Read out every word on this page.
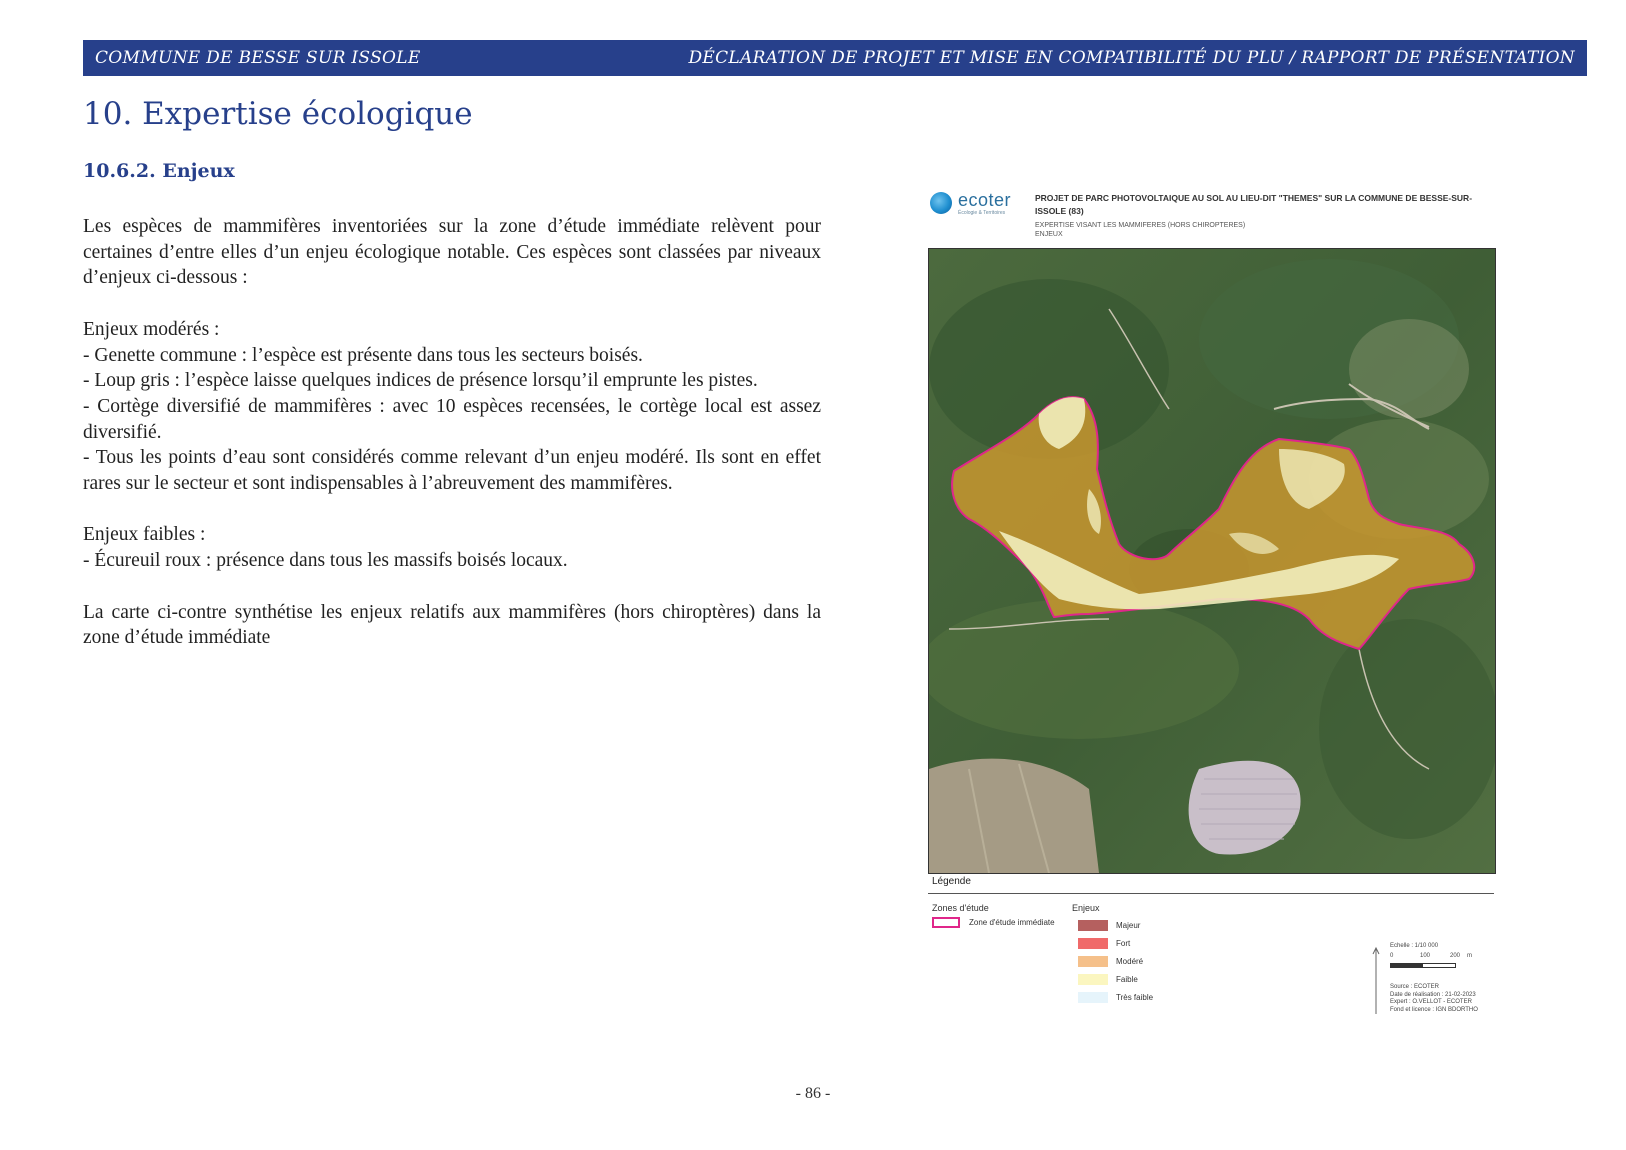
COMMUNE DE BESSE SUR ISSOLE	DÉCLARATION DE PROJET ET MISE EN COMPATIBILITÉ DU PLU / RAPPORT DE PRÉSENTATION
10. Expertise écologique
10.6.2. Enjeux

Les espèces de mammifères inventoriées sur la zone d’étude immédiate relèvent pour certaines d’entre elles d’un enjeu écologique notable. Ces espèces sont classées par niveaux d’enjeux ci-dessous :

Enjeux modérés :

- Genette commune : l’espèce est présente dans tous les secteurs boisés.

- Loup gris : l’espèce laisse quelques indices de présence lorsqu’il emprunte les pistes.

- Cortège diversifié de mammifères : avec 10 espèces recensées, le cortège local est assez diversifié.

- Tous les points d’eau sont considérés comme relevant d’un enjeu modéré. Ils sont en effet rares sur le secteur et sont indispensables à l’abreuvement des mammifères.

Enjeux faibles :

- Écureuil roux : présence dans tous les massifs boisés locaux.

La carte ci-contre synthétise les enjeux relatifs aux mammifères (hors chiroptères) dans la zone d’étude immédiate

ecoter
Écologie & Territoires
PROJET DE PARC PHOTOVOLTAIQUE AU SOL AU LIEU-DIT "THEMES" SUR LA COMMUNE DE BESSE-SUR-ISSOLE (83)
EXPERTISE VISANT LES MAMMIFERES (HORS CHIROPTERES)
ENJEUX
Légende
Zones d'étude
Zone d'étude immédiate
Enjeux
Majeur
Fort
Modéré
Faible
Très faible
Echelle : 1/10 000
0	100	200 m
Source : ECOTER
Date de réalisation : 21-02-2023
Expert : O.VELLOT - ECOTER
Fond et licence : IGN BDORTHO
- 86 -
